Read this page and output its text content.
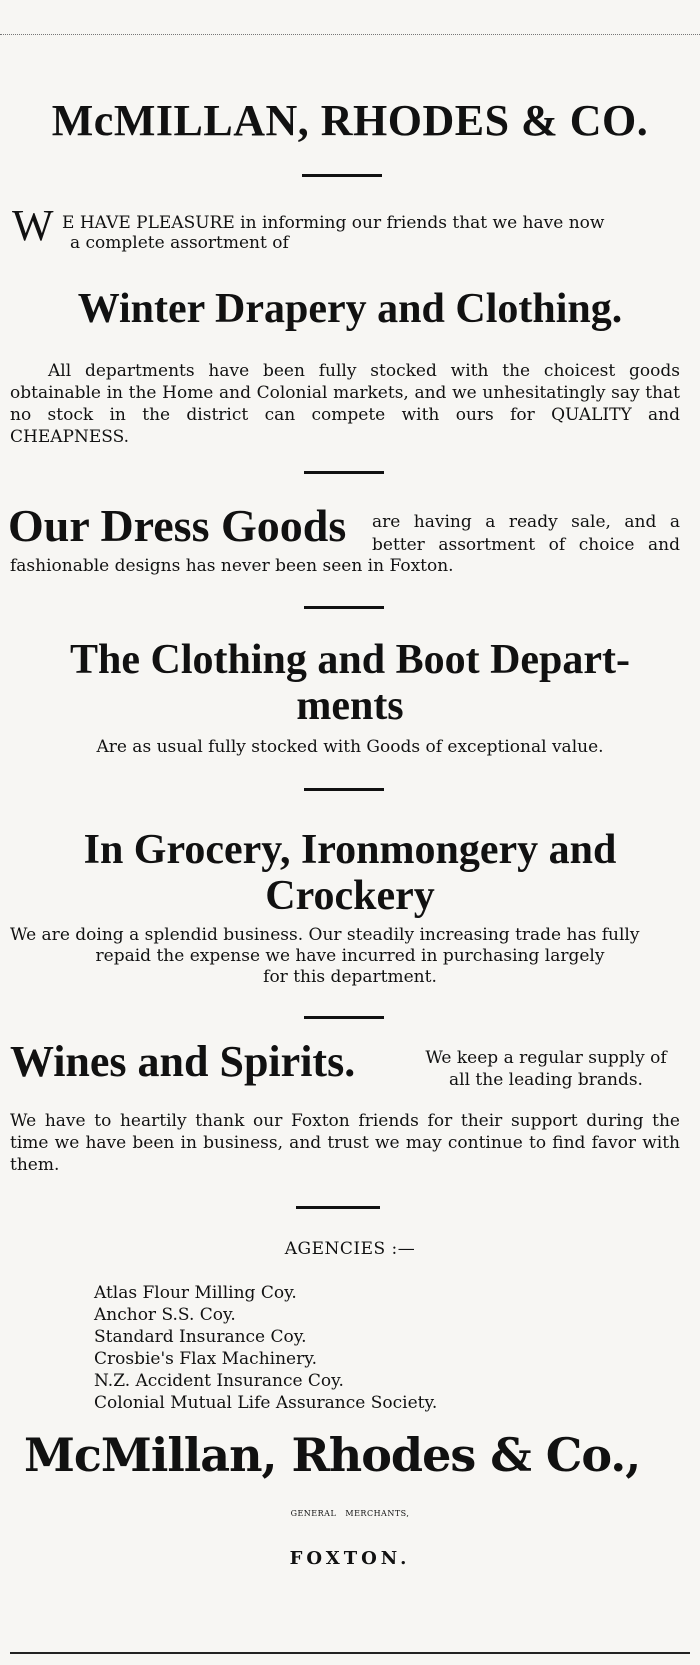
McMILLAN, RHODES & CO.
W E HAVE PLEASURE in informing our friends that we have now
a complete assortment of
Winter Drapery and Clothing.
All departments have been fully stocked with the choicest goods obtainable in the Home and Colonial markets, and we unhesitatingly say that no stock in the district can compete with ours for QUALITY and CHEAPNESS.
Our Dress Goods are having a ready sale, and a
better assortment of choice and
fashionable designs has never been seen in Foxton.
The Clothing and Boot Depart-
ments
Are as usual fully stocked with Goods of exceptional value.
In Grocery, Ironmongery and
Crockery
We are doing a splendid business. Our steadily increasing trade has fully
repaid the expense we have incurred in purchasing largely
for this department.
Wines and Spirits.	We keep a regular supply of
all the leading brands.
We have to heartily thank our Foxton friends for their support during the time we have been in business, and trust we may continue to find favor with them.
AGENCIES :—
Atlas Flour Milling Coy.
Anchor S.S. Coy.
Standard Insurance Coy.
Crosbie's Flax Machinery.
N.Z. Accident Insurance Coy.
Colonial Mutual Life Assurance Society.
McMillan, Rhodes & Co.,
GENERAL   MERCHANTS,
FOXTON.
